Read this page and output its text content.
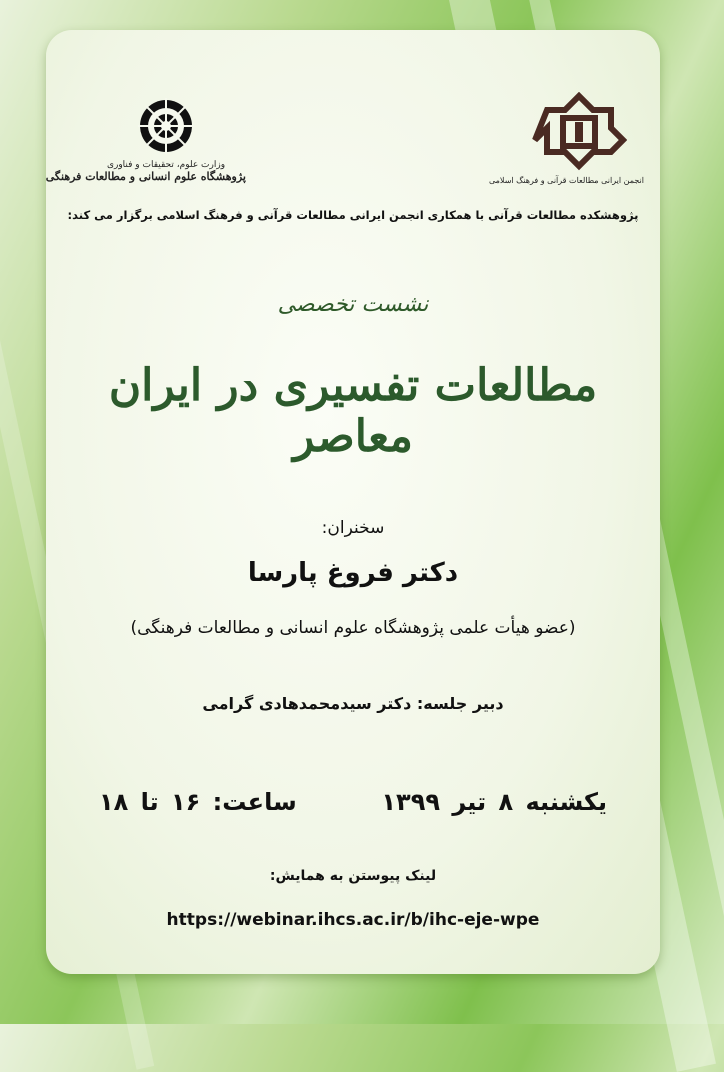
انجمن ایرانی مطالعات قرآنی و فرهنگ اسلامی
وزارت علوم، تحقیقات و فناوری
پژوهشگاه علوم انسانی و مطالعات فرهنگی
پژوهشکده مطالعات قرآنی با همکاری انجمن ایرانی مطالعات قرآنی و فرهنگ اسلامی برگزار می کند:
نشست تخصصی
مطالعات تفسیری در ایران معاصر
سخنران:
دکتر فروغ پارسا
(عضو هیأت علمی پژوهشگاه علوم انسانی و مطالعات فرهنگی)
دبیر جلسه: دکتر سیدمحمدهادی گرامی
یکشنبه ۸ تیر ۱۳۹۹  ساعت: ۱۶ تا ۱۸
لینک پیوستن به همایش:
https://webinar.ihcs.ac.ir/b/ihc-eje-wpe
